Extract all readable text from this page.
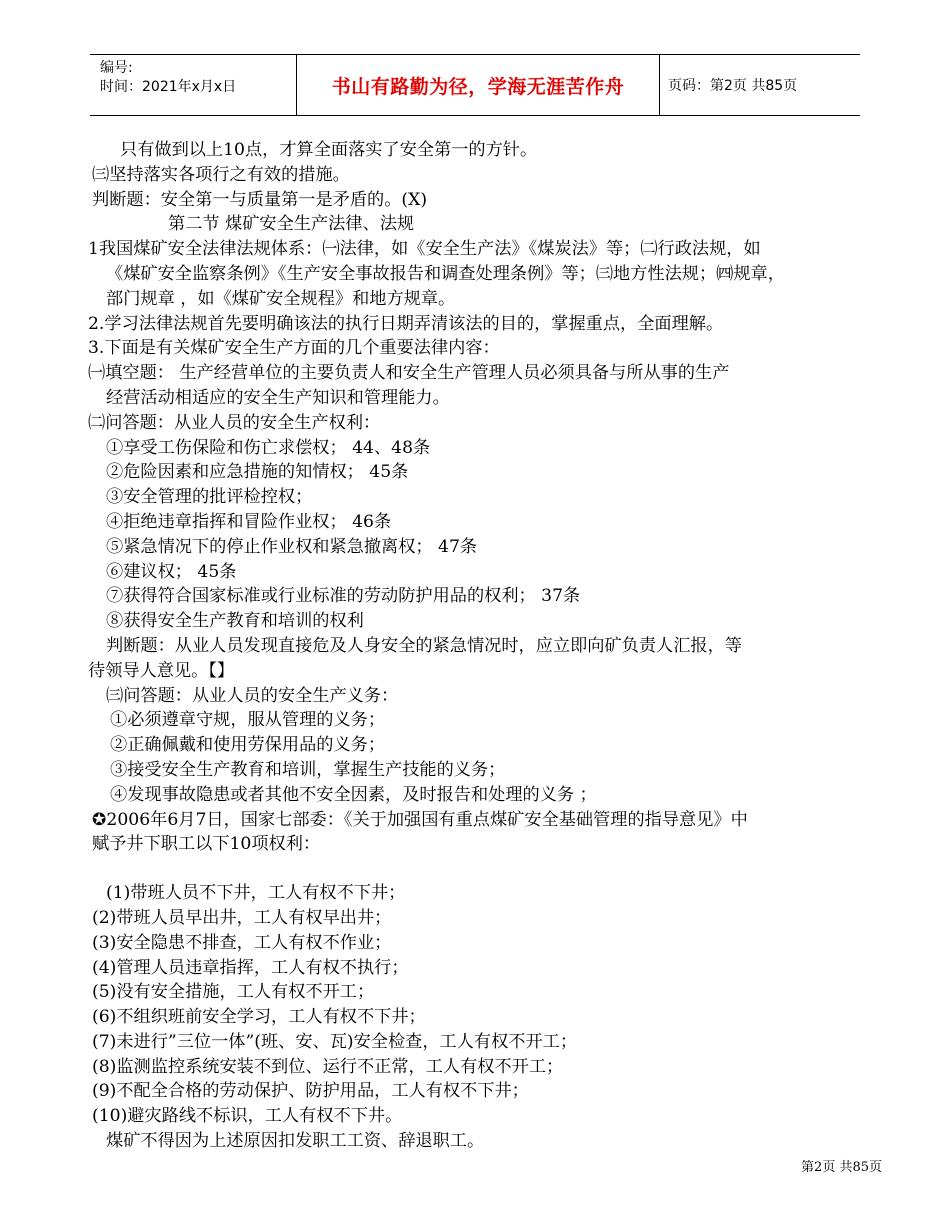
编号:
时间：2021年x月x日	书山有路勤为径，学海无涯苦作舟	页码：第2页 共85页
只有做到以上10点，才算全面落实了安全第一的方针。
㈢坚持落实各项行之有效的措施。
判断题：安全第一与质量第一是矛盾的。(X)
第二节 煤矿安全生产法律、法规
1我国煤矿安全法律法规体系：㈠法律，如《安全生产法》《煤炭法》等；㈡行政法规，如
《煤矿安全监察条例》《生产安全事故报告和调查处理条例》等；㈢地方性法规；㈣规章，
部门规章 ，如《煤矿安全规程》和地方规章。
2.学习法律法规首先要明确该法的执行日期弄清该法的目的，掌握重点，全面理解。
3.下面是有关煤矿安全生产方面的几个重要法律内容：
㈠填空题： 生产经营单位的主要负责人和安全生产管理人员必须具备与所从事的生产
经营活动相适应的安全生产知识和管理能力。
㈡问答题：从业人员的安全生产权利：
①享受工伤保险和伤亡求偿权； 44、48条
②危险因素和应急措施的知情权； 45条
③安全管理的批评检控权；
④拒绝违章指挥和冒险作业权； 46条
⑤紧急情况下的停止作业权和紧急撤离权； 47条
⑥建议权； 45条
⑦获得符合国家标准或行业标准的劳动防护用品的权利； 37条
⑧获得安全生产教育和培训的权利
判断题：从业人员发现直接危及人身安全的紧急情况时，应立即向矿负责人汇报，等
待领导人意见。【】
㈢问答题：从业人员的安全生产义务：
①必须遵章守规，服从管理的义务；
②正确佩戴和使用劳保用品的义务；
③接受安全生产教育和培训，掌握生产技能的义务；
④发现事故隐患或者其他不安全因素，及时报告和处理的义务 ；
✪2006年6月7日，国家七部委：《关于加强国有重点煤矿安全基础管理的指导意见》中
赋予井下职工以下10项权利：
(1)带班人员不下井，工人有权不下井；
(2)带班人员早出井，工人有权早出井；
(3)安全隐患不排查，工人有权不作业；
(4)管理人员违章指挥，工人有权不执行；
(5)没有安全措施，工人有权不开工；
(6)不组织班前安全学习，工人有权不下井；
(7)未进行”三位一体”(班、安、瓦)安全检查，工人有权不开工；
(8)监测监控系统安装不到位、运行不正常，工人有权不开工；
(9)不配全合格的劳动保护、防护用品，工人有权不下井；
(10)避灾路线不标识，工人有权不下井。
煤矿不得因为上述原因扣发职工工资、辞退职工。
第2页 共85页
